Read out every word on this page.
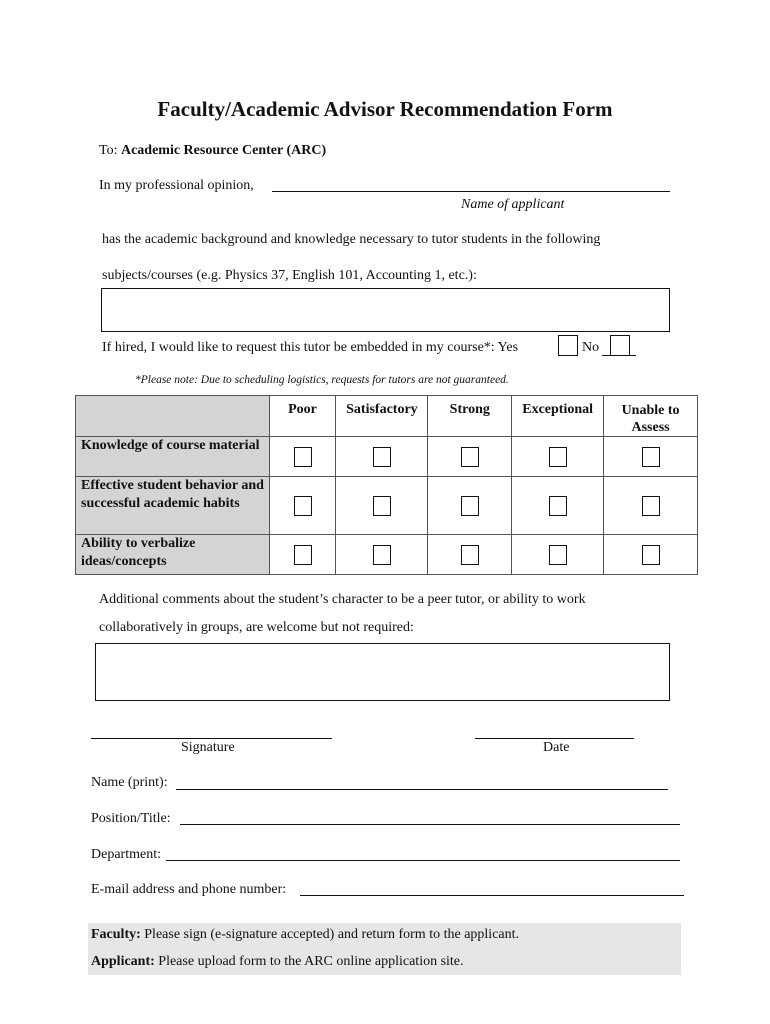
Faculty/Academic Advisor Recommendation Form
To: Academic Resource Center (ARC)
In my professional opinion,
Name of applicant
has the academic background and knowledge necessary to tutor students in the following
subjects/courses (e.g. Physics 37, English 101, Accounting 1, etc.):
If hired, I would like to request this tutor be embedded in my course*: Yes	No
*Please note: Due to scheduling logistics, requests for tutors are not guaranteed.
	Poor	Satisfactory	Strong	Exceptional	Unable to Assess
Knowledge of course material	

Effective student behavior and successful academic habits	

Ability to verbalize ideas/concepts	

Additional comments about the student’s character to be a peer tutor, or ability to work
collaboratively in groups, are welcome but not required:
Signature	Date
Name (print):
Position/Title:
Department:
E-mail address and phone number:
Faculty: Please sign (e-signature accepted) and return form to the applicant.
Applicant: Please upload form to the ARC online application site.
